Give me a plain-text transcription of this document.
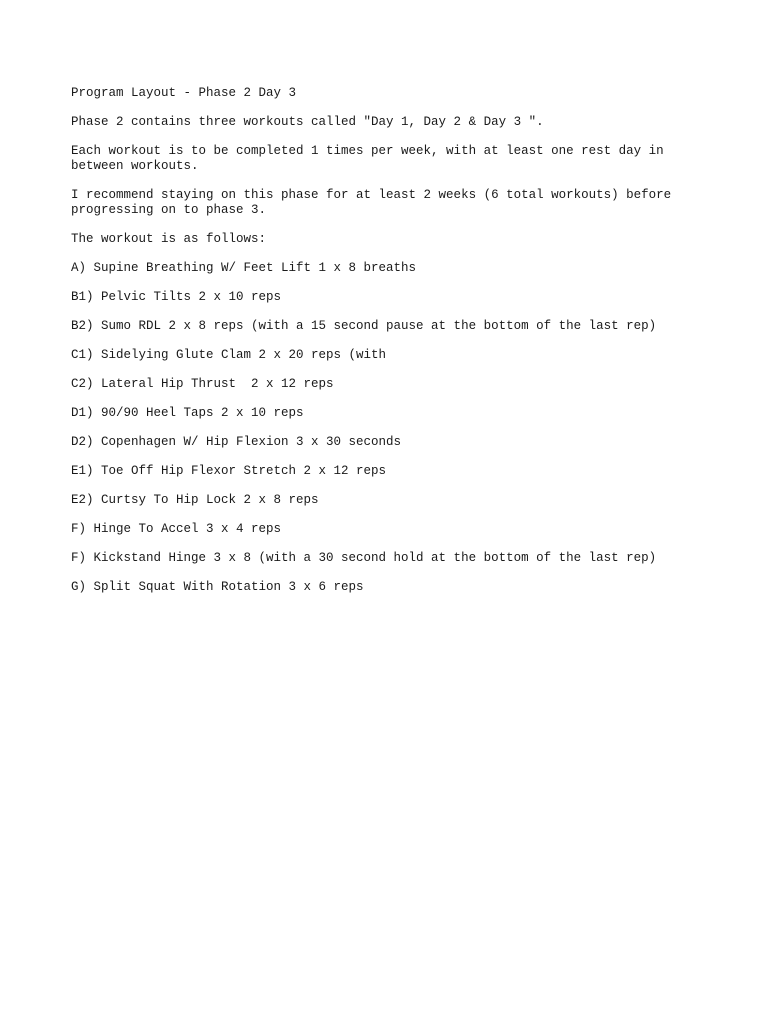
Program Layout - Phase 2 Day 3

Phase 2 contains three workouts called "Day 1, Day 2 & Day 3 ".

Each workout is to be completed 1 times per week, with at least one rest day in
between workouts.

I recommend staying on this phase for at least 2 weeks (6 total workouts) before
progressing on to phase 3.

The workout is as follows:

A) Supine Breathing W/ Feet Lift 1 x 8 breaths

B1) Pelvic Tilts 2 x 10 reps

B2) Sumo RDL 2 x 8 reps (with a 15 second pause at the bottom of the last rep)

C1) Sidelying Glute Clam 2 x 20 reps (with

C2) Lateral Hip Thrust  2 x 12 reps

D1) 90/90 Heel Taps 2 x 10 reps

D2) Copenhagen W/ Hip Flexion 3 x 30 seconds

E1) Toe Off Hip Flexor Stretch 2 x 12 reps

E2) Curtsy To Hip Lock 2 x 8 reps

F) Hinge To Accel 3 x 4 reps

F) Kickstand Hinge 3 x 8 (with a 30 second hold at the bottom of the last rep)

G) Split Squat With Rotation 3 x 6 reps
